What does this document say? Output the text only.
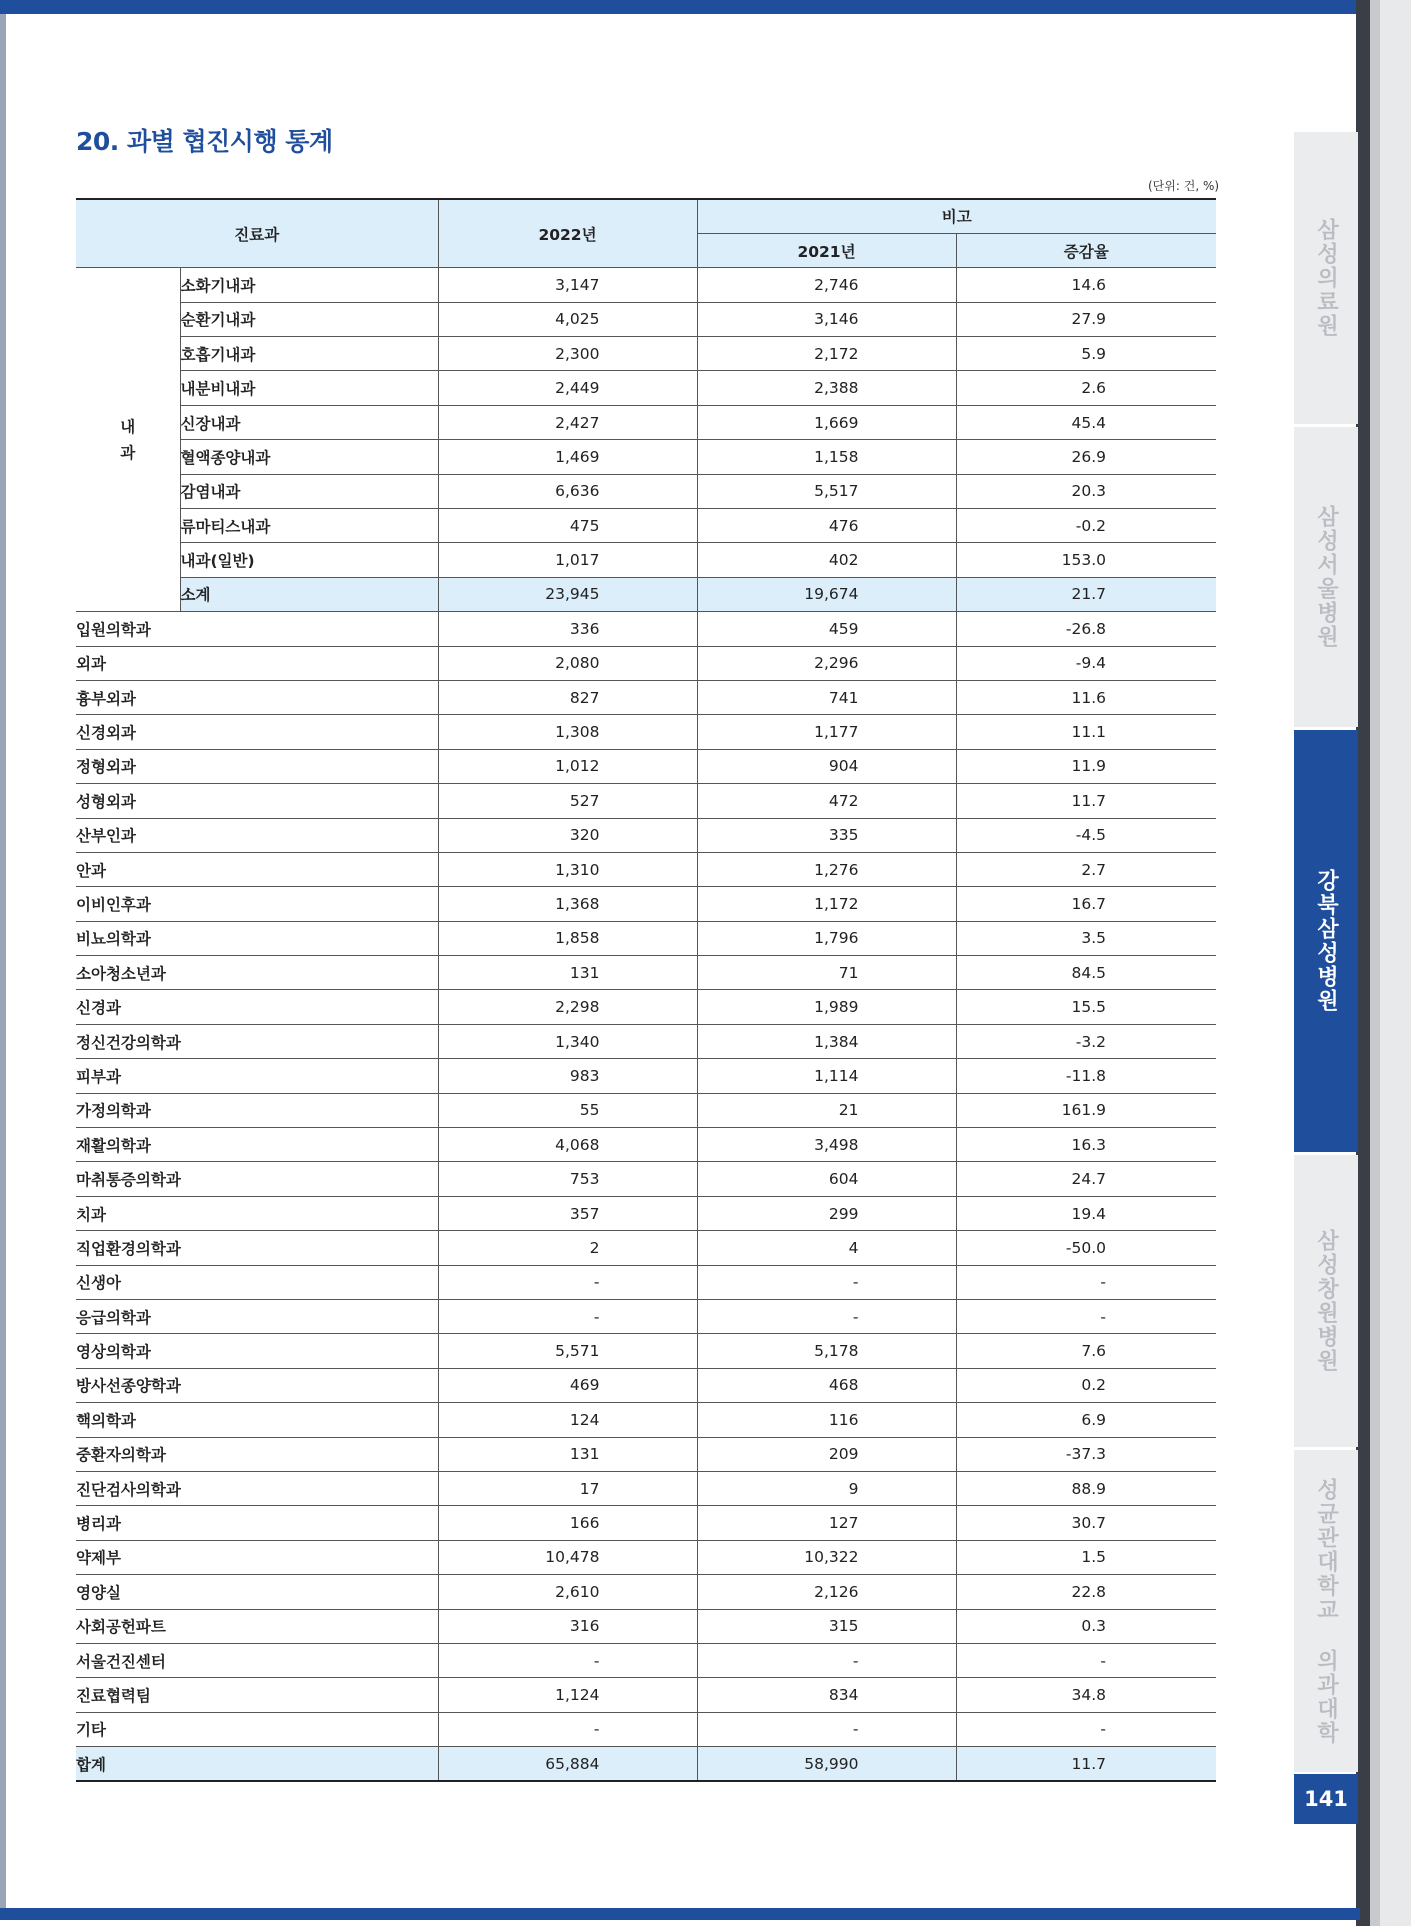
20. 과별 협진시행 통계
(단위: 건, %)
진료과		2022년	비고	
			2021년	증감율
내
과	소화기내과	3,147	2,746	14.6
	순환기내과	4,025	3,146	27.9
	호흡기내과	2,300	2,172	5.9
	내분비내과	2,449	2,388	2.6
	신장내과	2,427	1,669	45.4
	혈액종양내과	1,469	1,158	26.9
	감염내과	6,636	5,517	20.3
	류마티스내과	475	476	-0.2
	내과(일반)	1,017	402	153.0
	소계	23,945	19,674	21.7
입원의학과		336	459	-26.8
외과		2,080	2,296	-9.4
흉부외과		827	741	11.6
신경외과		1,308	1,177	11.1
정형외과		1,012	904	11.9
성형외과		527	472	11.7
산부인과		320	335	-4.5
안과		1,310	1,276	2.7
이비인후과		1,368	1,172	16.7
비뇨의학과		1,858	1,796	3.5
소아청소년과		131	71	84.5
신경과		2,298	1,989	15.5
정신건강의학과		1,340	1,384	-3.2
피부과		983	1,114	-11.8
가정의학과		55	21	161.9
재활의학과		4,068	3,498	16.3
마취통증의학과		753	604	24.7
치과		357	299	19.4
직업환경의학과		2	4	-50.0
신생아		-	-	-
응급의학과		-	-	-
영상의학과		5,571	5,178	7.6
방사선종양학과		469	468	0.2
핵의학과		124	116	6.9
중환자의학과		131	209	-37.3
진단검사의학과		17	9	88.9
병리과		166	127	30.7
약제부		10,478	10,322	1.5
영양실		2,610	2,126	22.8
사회공헌파트		316	315	0.3
서울건진센터		-	-	-
진료협력팀		1,124	834	34.8
기타		-	-	-
합계		65,884	58,990	11.7
삼성의료원
삼성서울병원
강북삼성병원
삼성창원병원
성균관대학교 의과대학
141
